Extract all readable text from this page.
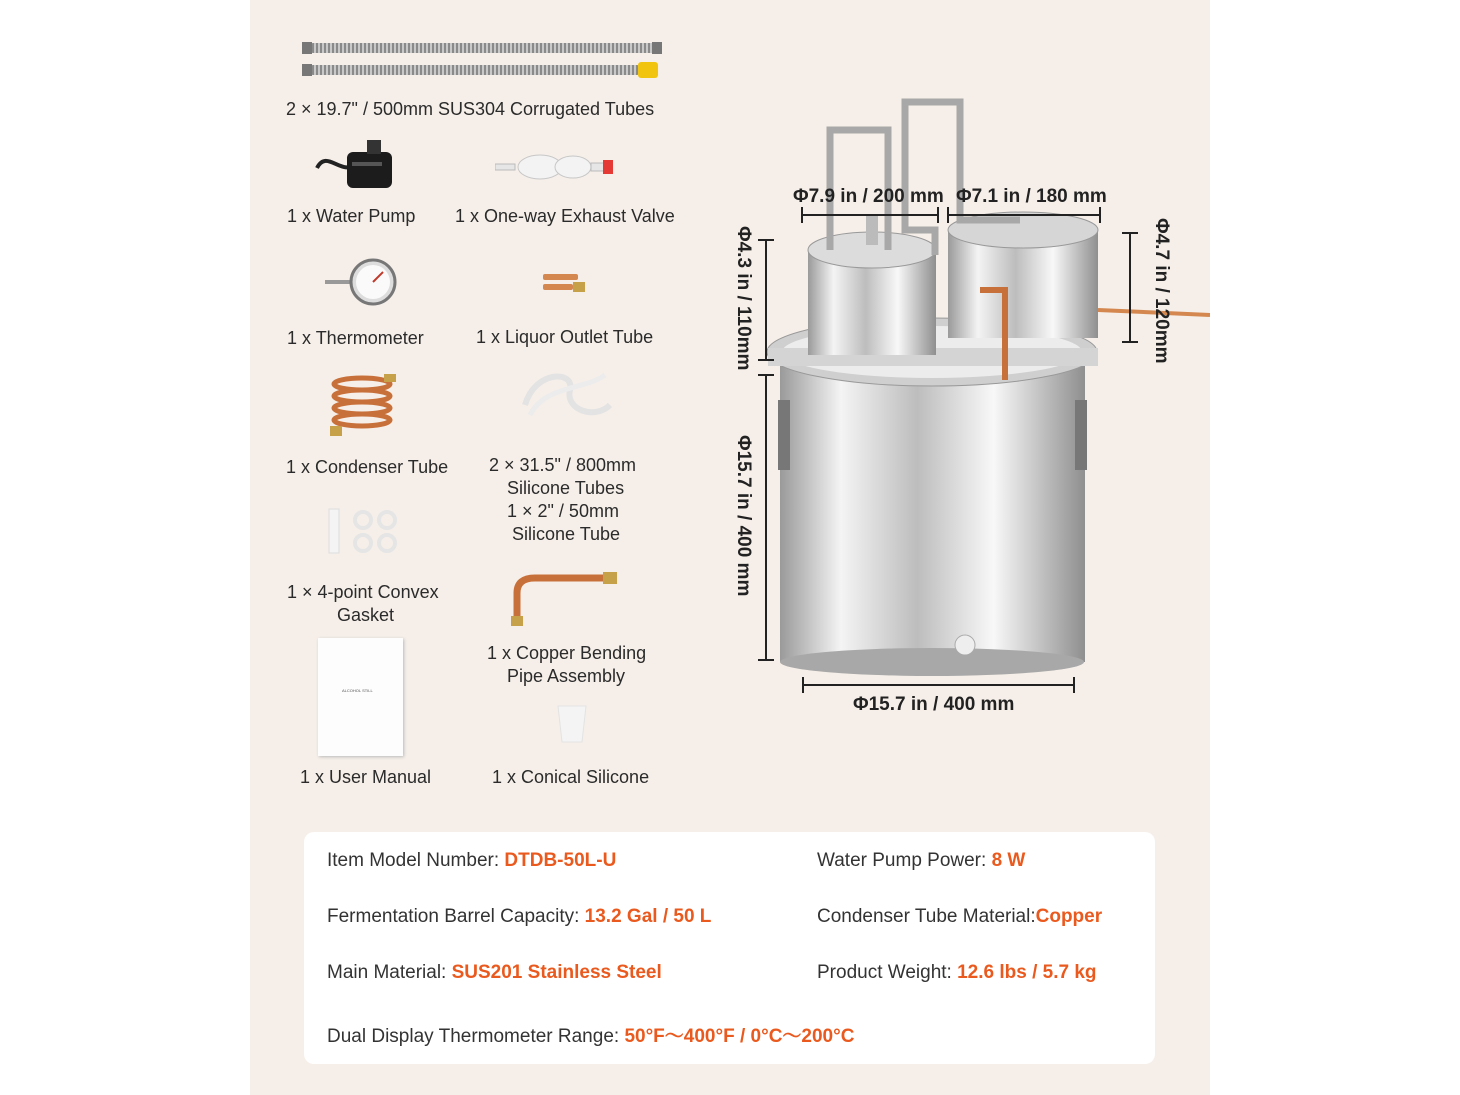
2 × 19.7" / 500mm SUS304 Corrugated Tubes
1 x Water Pump 1 x One-way Exhaust Valve
1 x Thermometer	1 x Liquor Outlet Tube
1 x Condenser Tube 2 × 31.5" / 800mm
Silicone Tubes
1 × 2" / 50mm
Silicone Tube
1 × 4-point Convex
Gasket
1 x Copper Bending
Pipe Assembly
ALCOHOL STILL
1 x User Manual	1 x Conical Silicone
Φ7.9 in / 200 mm Φ7.1 in / 180 mm
Φ4.3 in / 110mm	Φ4.7 in / 120mm
Φ15.7 in / 400 mm
Φ15.7 in / 400 mm
Item Model Number: DTDB-50L-U	Water Pump Power: 8 W
Fermentation Barrel Capacity: 13.2 Gal / 50 L	Condenser Tube Material:Copper
Main Material: SUS201 Stainless Steel	Product Weight: 12.6 lbs / 5.7 kg
Dual Display Thermometer Range: 50°F～400°F / 0°C～200°C
